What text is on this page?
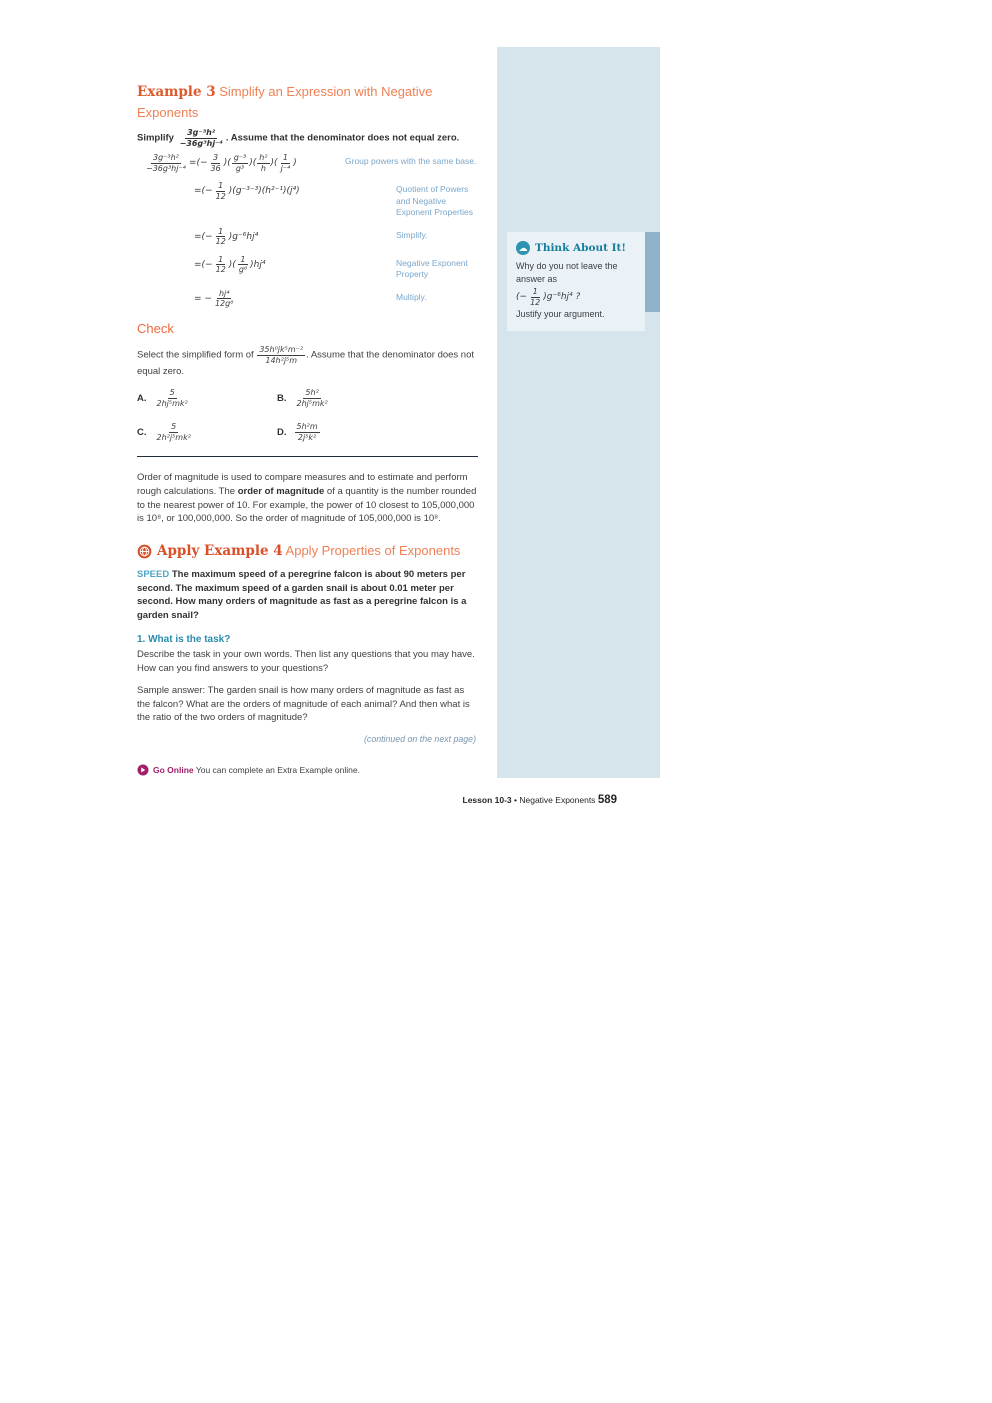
Example 3 Simplify an Expression with Negative Exponents

Simplify $\frac{\text{3g⁻³h²}}{\text{−36g³hj⁻⁴}}$ . Assume that the denominator does not equal zero.

$\frac{\text{3g⁻³h²}}{\text{−36g³hj⁻⁴}}$ = (− $\frac{3}{36}$ )( $\frac{\text{g⁻³}}{\text{g³}}$ )( $\frac{\text{h²}}{h}$ )( $\frac{1}{\text{j⁻⁴}}$ )	Group powers with the same base.
= (− $\frac{1}{12} )(g^{-3-3})(h^{2-1})(j^4)$	Quotient of Powers and Negative Exponent Properties
= (− $\frac{1}{12} )g^{-6}hj^4$	Simplify.
= (− $\frac{1}{12}$ )( $\frac{1}{\text{g⁶}} )hj^4$	Negative Exponent Property
= − $\frac{\text{hj⁴}}{\text{12g⁶}}$	Multiply.
Check

Select the simplified form of $\frac{\text{35h⁰jk⁵m⁻²}}{\text{14h²j⁵m}}$ . Assume that the denominator does not equal zero.

A. $\frac{5}{\text{2hj⁵mk²}}$	B. $\frac{\text{5h²}}{\text{2hj⁵mk²}}$
C. $\frac{5}{\text{2h²j⁵mk²}}$	D. $\frac{\text{5h²m}}{\text{2j⁵k²}}$

Order of magnitude is used to compare measures and to estimate and perform rough calculations. The order of magnitude of a quantity is the number rounded to the nearest power of 10. For example, the power of 10 closest to 105,000,000 is 10⁸, or 100,000,000. So the order of magnitude of 105,000,000 is 10⁸.

Apply Example 4 Apply Properties of Exponents

SPEED The maximum speed of a peregrine falcon is about 90 meters per second. The maximum speed of a garden snail is about 0.01 meter per second. How many orders of magnitude as fast as a peregrine falcon is a garden snail?

1. What is the task?

Describe the task in your own words. Then list any questions that you may have. How can you find answers to your questions?

Sample answer: The garden snail is how many orders of magnitude as fast as the falcon? What are the orders of magnitude of each animal? And then what is the ratio of the two orders of magnitude?

(continued on the next page)

Go Online You can complete an Extra Example online.
☁ Think About It!
Why do you not leave the answer as
(− $\frac{1}{12} )g^{-6}hj^4$ ?
Justify your argument.
Lesson 10-3 • Negative Exponents 589
